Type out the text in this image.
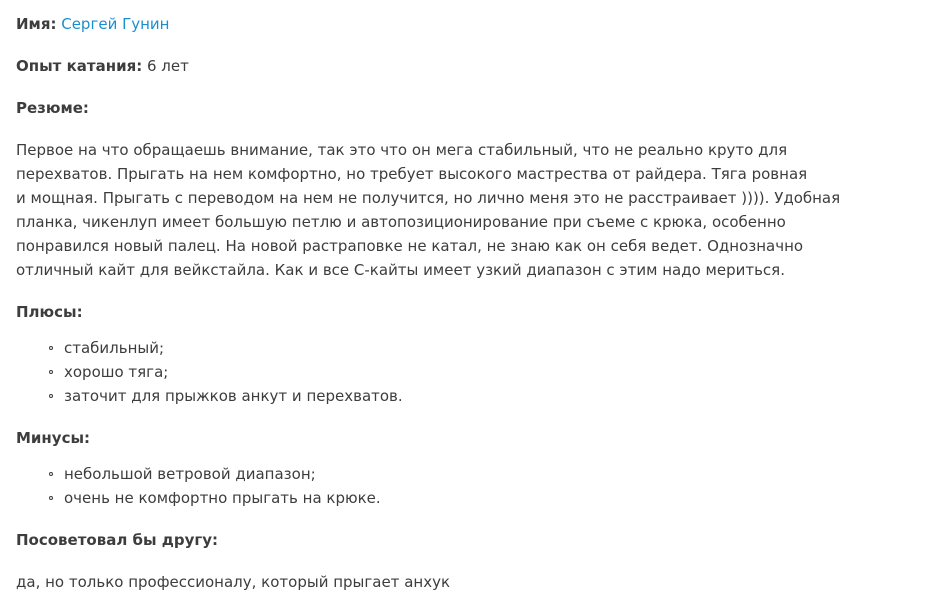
Имя: Сергей Гунин
Опыт катания: 6 лет
Резюме:

Первое на что обращаешь внимание, так это что он мега стабильный, что не реально круто для
перехватов. Прыгать на нем комфортно, но требует высокого мастрества от райдера. Тяга ровная
и мощная. Прыгать с переводом на нем не получится, но лично меня это не расстраивает )))). Удобная
планка, чикенлуп имеет большую петлю и автопозиционирование при съеме с крюка, особенно
понравился новый палец. На новой растраповке не катал, не знаю как он себя ведет. Однозначно
отличный кайт для вейкстайла. Как и все С-кайты имеет узкий диапазон с этим надо мериться.

Плюсы:
стабильный;
хорошо тяга;
заточит для прыжков анкут и перехватов.
Минусы:
небольшой ветровой диапазон;
очень не комфортно прыгать на крюке.
Посоветовал бы другу:
да, но только профессионалу, который прыгает анхук
